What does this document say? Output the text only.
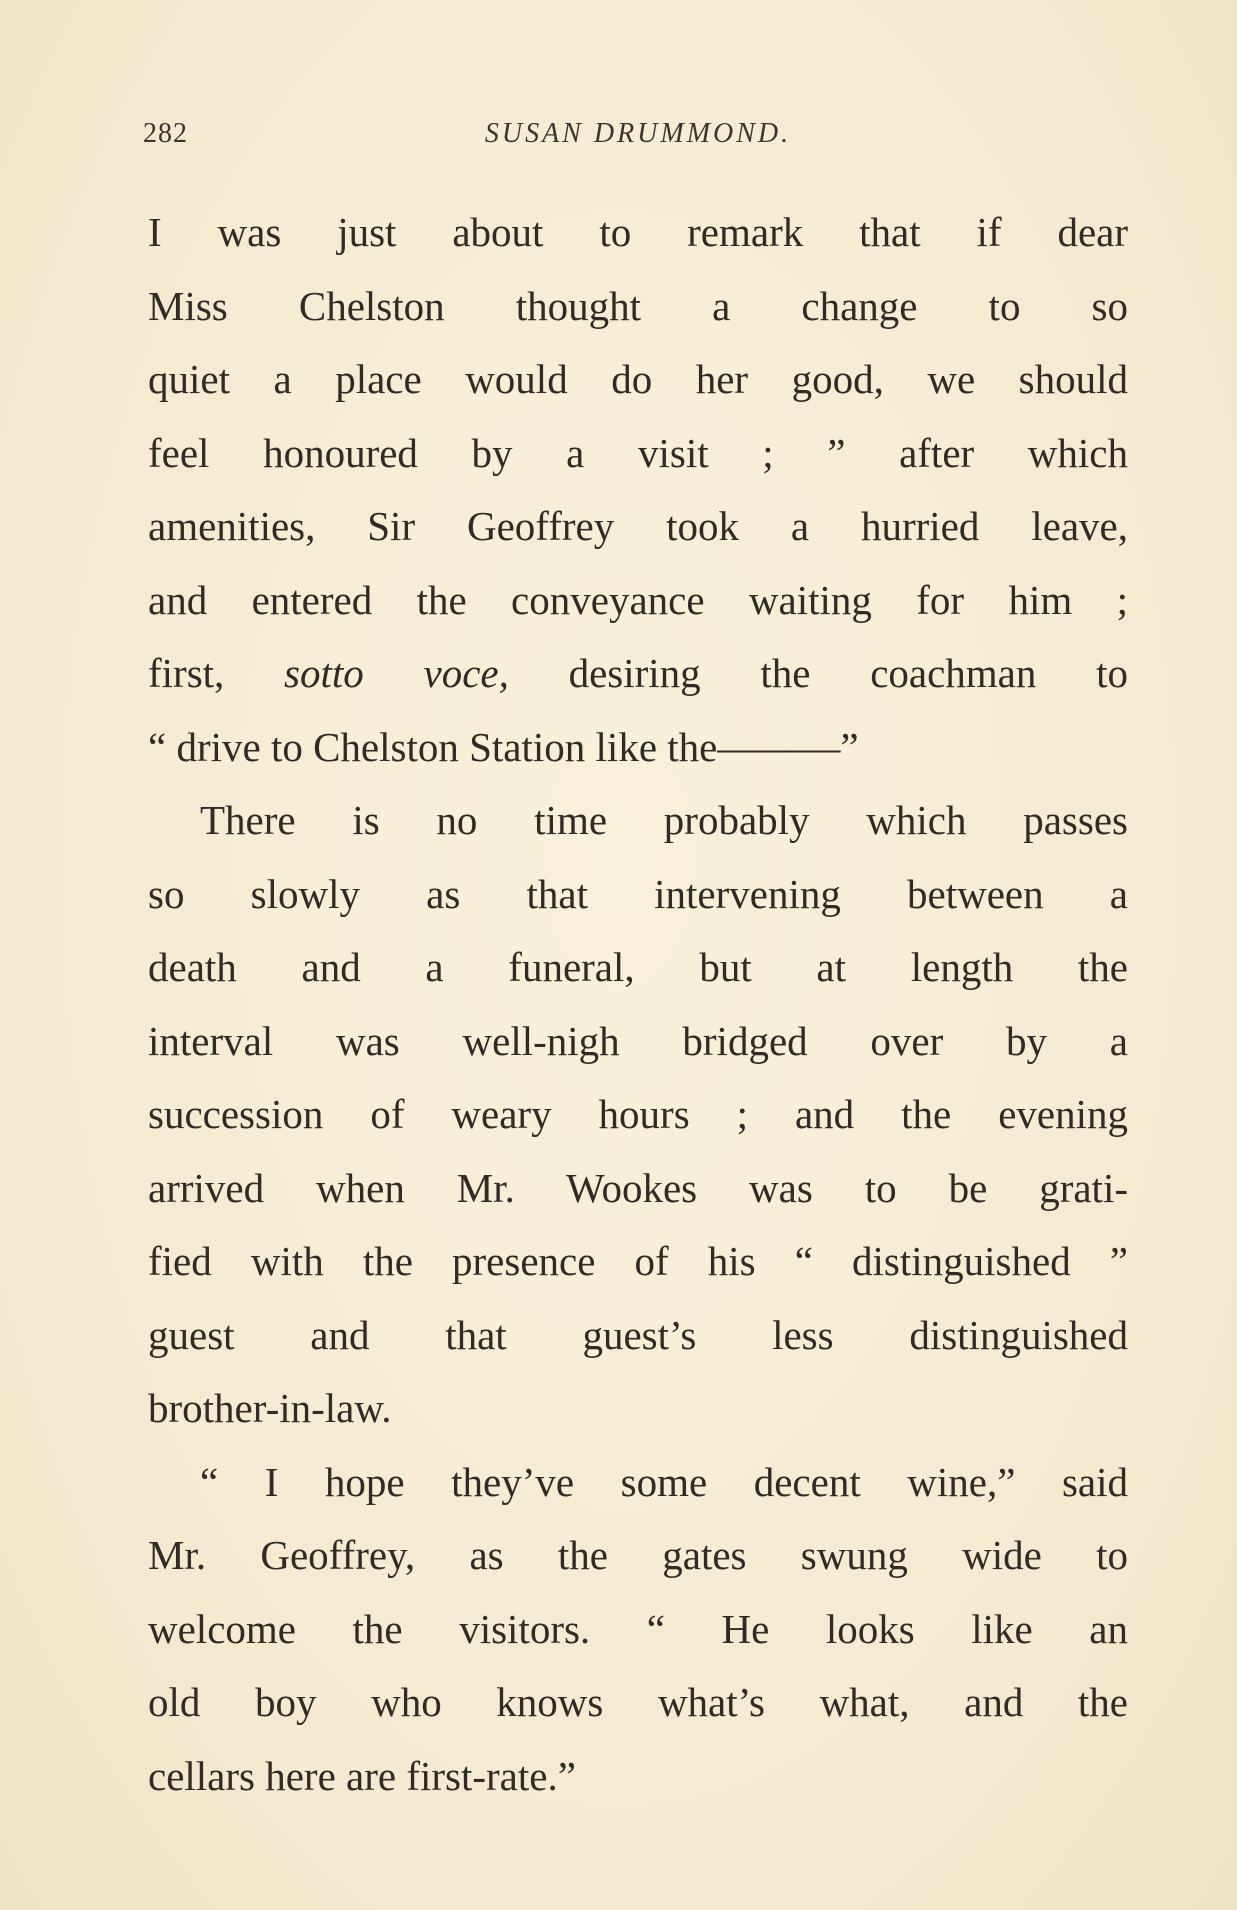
282	SUSAN DRUMMOND.
I was just about to remark that if dear
Miss Chelston thought a change to so
quiet a place would do her good, we should
feel honoured by a visit ; ” after which
amenities, Sir Geoffrey took a hurried leave,
and entered the conveyance waiting for him ;
first, sotto voce, desiring the coachman to
“ drive to Chelston Station like the———”
There is no time probably which passes
so slowly as that intervening between a
death and a funeral, but at length the
interval was well-nigh bridged over by a
succession of weary hours ; and the evening
arrived when Mr. Wookes was to be grati-
fied with the presence of his “ distinguished ”
guest and that guest’s less distinguished
brother-in-law.
“ I hope they’ve some decent wine,” said
Mr. Geoffrey, as the gates swung wide to
welcome the visitors. “ He looks like an
old boy who knows what’s what, and the
cellars here are first-rate.”
